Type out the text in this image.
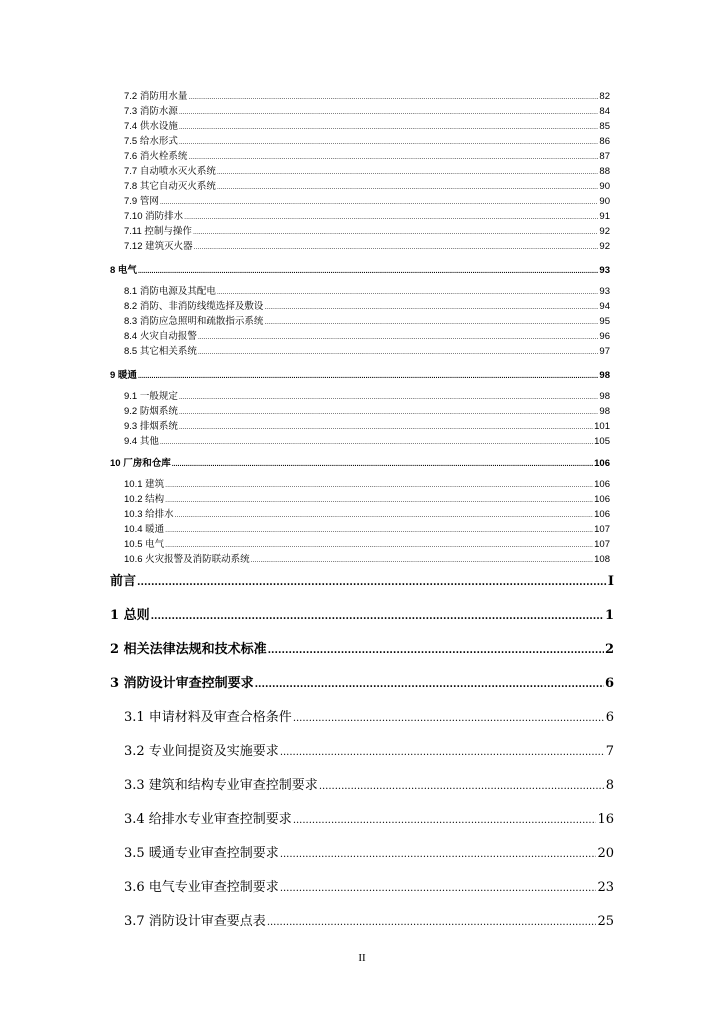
7.2 消防用水量 .....	82
7.3 消防水源 .....	84
7.4 供水设施 .....	85
7.5 给水形式 .....	86
7.6 消火栓系统 .....	87
7.7 自动喷水灭火系统 .....	88
7.8 其它自动灭火系统 .....	90
7.9 管网 .....	90
7.10 消防排水 .....	91
7.11 控制与操作 .....	92
7.12 建筑灭火器 .....	92
8 电气 .....	93
8.1 消防电源及其配电 .....	93
8.2 消防、非消防线缆选择及敷设 .....	94
8.3 消防应急照明和疏散指示系统 .....	95
8.4 火灾自动报警 .....	96
8.5 其它相关系统 .....	97
9 暖通 .....	98
9.1 一般规定 .....	98
9.2 防烟系统 .....	98
9.3 排烟系统 .....	101
9.4 其他 .....	105
10 厂房和仓库 .....	106
10.1 建筑 .....	106
10.2 结构 .....	106
10.3 给排水 .....	106
10.4 暖通 .....	107
10.5 电气 .....	107
10.6 火灾报警及消防联动系统 .....	108
前言 .....	I
1 总则 .....	1
2 相关法律法规和技术标准 .....	2
3 消防设计审查控制要求 .....	6
3.1 申请材料及审查合格条件 .....	6
3.2 专业间提资及实施要求 .....	7
3.3 建筑和结构专业审查控制要求 .....	8
3.4 给排水专业审查控制要求 .....	16
3.5 暖通专业审查控制要求 .....	20
3.6 电气专业审查控制要求 .....	23
3.7 消防设计审查要点表 .....	25
II
